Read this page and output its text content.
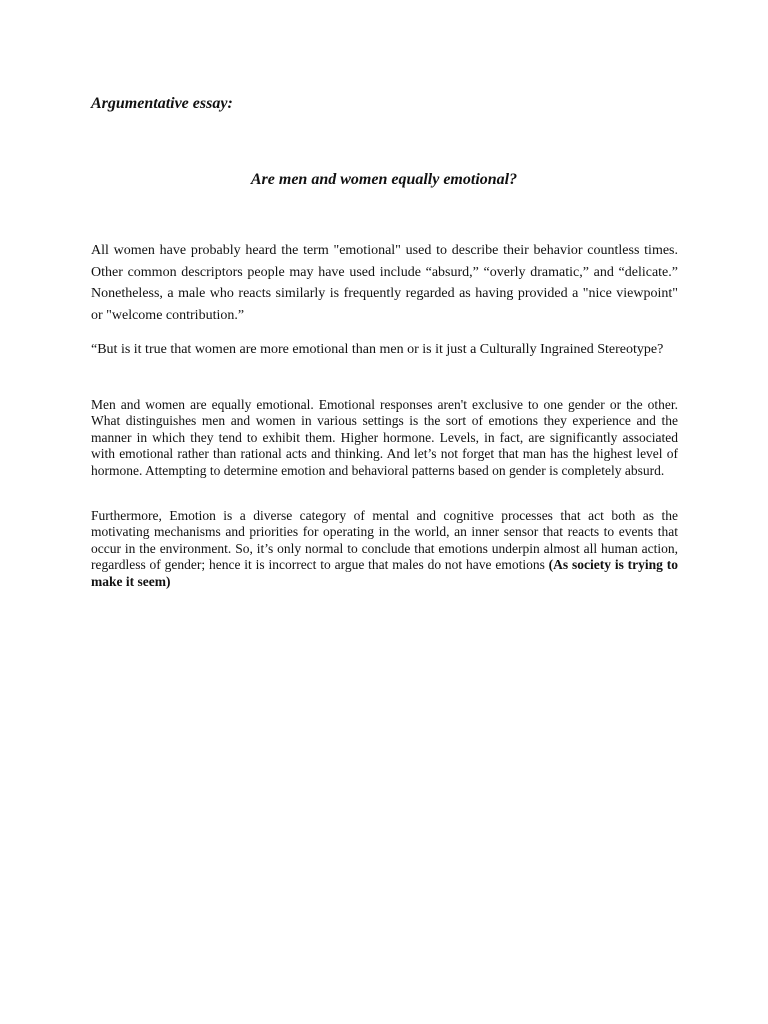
Argumentative essay:

Are men and women equally emotional?

All women have probably heard the term "emotional" used to describe their behavior countless times. Other common descriptors people may have used include “absurd,” “overly dramatic,” and “delicate.” Nonetheless, a male who reacts similarly is frequently regarded as having provided a "nice viewpoint" or "welcome contribution.”

“But is it true that women are more emotional than men or is it just a Culturally Ingrained Stereotype?

Men and women are equally emotional. Emotional responses aren't exclusive to one gender or the other. What distinguishes men and women in various settings is the sort of emotions they experience and the manner in which they tend to exhibit them. Higher hormone. Levels, in fact, are significantly associated with emotional rather than rational acts and thinking. And let’s not forget that man has the highest level of hormone. Attempting to determine emotion and behavioral patterns based on gender is completely absurd.

Furthermore, Emotion is a diverse category of mental and cognitive processes that act both as the motivating mechanisms and priorities for operating in the world, an inner sensor that reacts to events that occur in the environment. So, it’s only normal to conclude that emotions underpin almost all human action, regardless of gender; hence it is incorrect to argue that males do not have emotions (As society is trying to make it seem)
